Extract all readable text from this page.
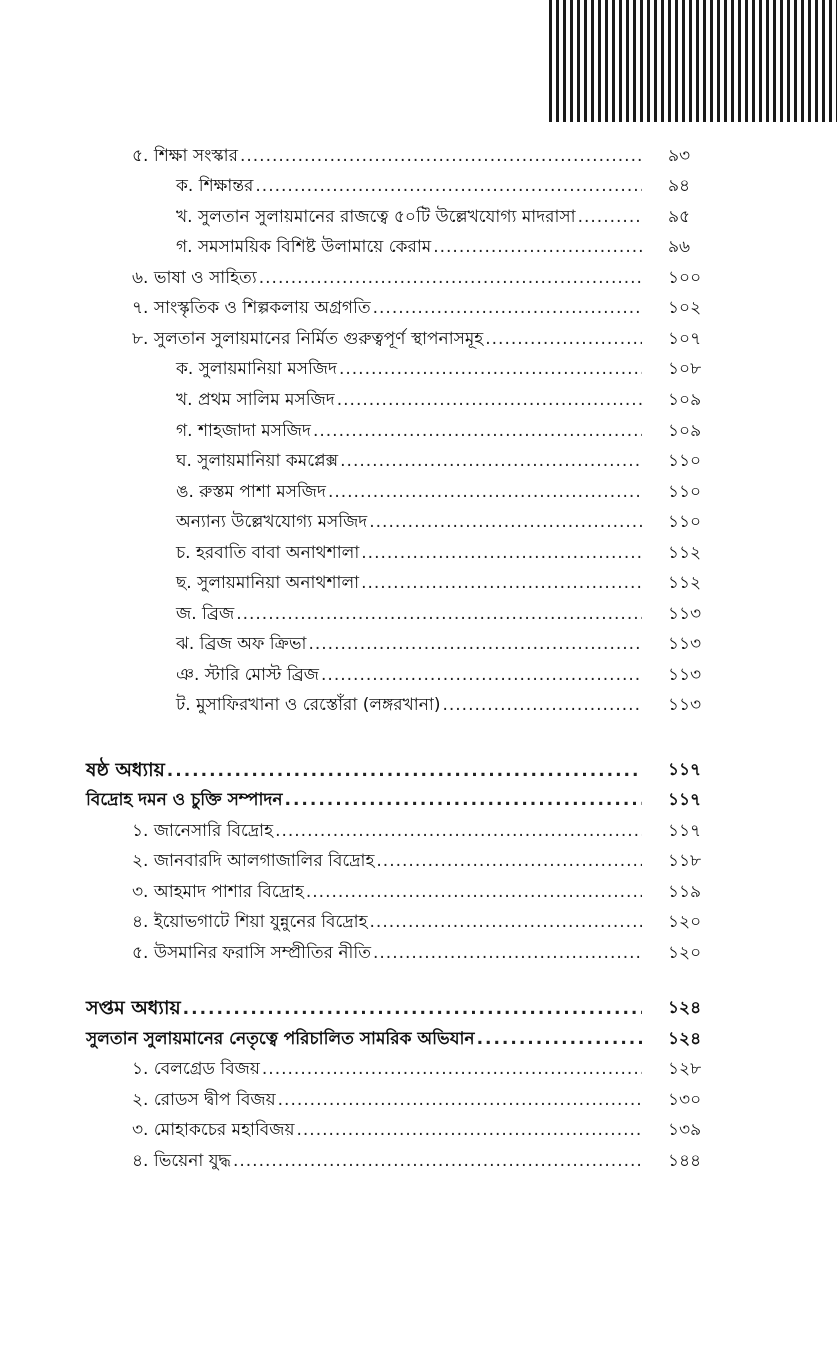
৫. শিক্ষা সংস্কার .....	৯৩
ক. শিক্ষান্তর .....	৯৪
খ. সুলতান সুলায়মানের রাজত্বে ৫০টি উল্লেখযোগ্য মাদরাসা .....	৯৫
গ. সমসাময়িক বিশিষ্ট উলামায়ে কেরাম .....	৯৬
৬. ভাষা ও সাহিত্য .....	১০০
৭. সাংস্কৃতিক ও শিল্পকলায় অগ্রগতি .....	১০২
৮. সুলতান সুলায়মানের নির্মিত গুরুত্বপূর্ণ স্থাপনাসমূহ .....	১০৭
ক. সুলায়মানিয়া মসজিদ .....	১০৮
খ. প্রথম সালিম মসজিদ .....	১০৯
গ. শাহজাদা মসজিদ .....	১০৯
ঘ. সুলায়মানিয়া কমপ্লেক্স .....	১১০
ঙ. রুস্তম পাশা মসজিদ .....	১১০
অন্যান্য উল্লেখযোগ্য মসজিদ .....	১১০
চ. হরবাতি বাবা অনাথশালা .....	১১২
ছ. সুলায়মানিয়া অনাথশালা .....	১১২
জ. ব্রিজ .....	১১৩
ঝ. ব্রিজ অফ ক্রিভা .....	১১৩
ঞ. স্টারি মোস্ট ব্রিজ .....	১১৩
ট. মুসাফিরখানা ও রেস্তোঁরা (লঙ্গরখানা) .....	১১৩
ষষ্ঠ অধ্যায় .....	১১৭
বিদ্রোহ দমন ও চুক্তি সম্পাদন .....	১১৭
১. জানেসারি বিদ্রোহ .....	১১৭
২. জানবারদি আলগাজালির বিদ্রোহ .....	১১৮
৩. আহমাদ পাশার বিদ্রোহ .....	১১৯
৪. ইয়োভগাটে শিয়া যুন্নুনের বিদ্রোহ .....	১২০
৫. উসমানির ফরাসি সম্প্রীতির নীতি .....	১২০
সপ্তম অধ্যায় .....	১২৪
সুলতান সুলায়মানের নেতৃত্বে পরিচালিত সামরিক অভিযান .....	১২৪
১. বেলগ্রেড বিজয় .....	১২৮
২. রোডস দ্বীপ বিজয় .....	১৩০
৩. মোহাকচের মহাবিজয় .....	১৩৯
৪. ভিয়েনা যুদ্ধ .....	১৪৪
